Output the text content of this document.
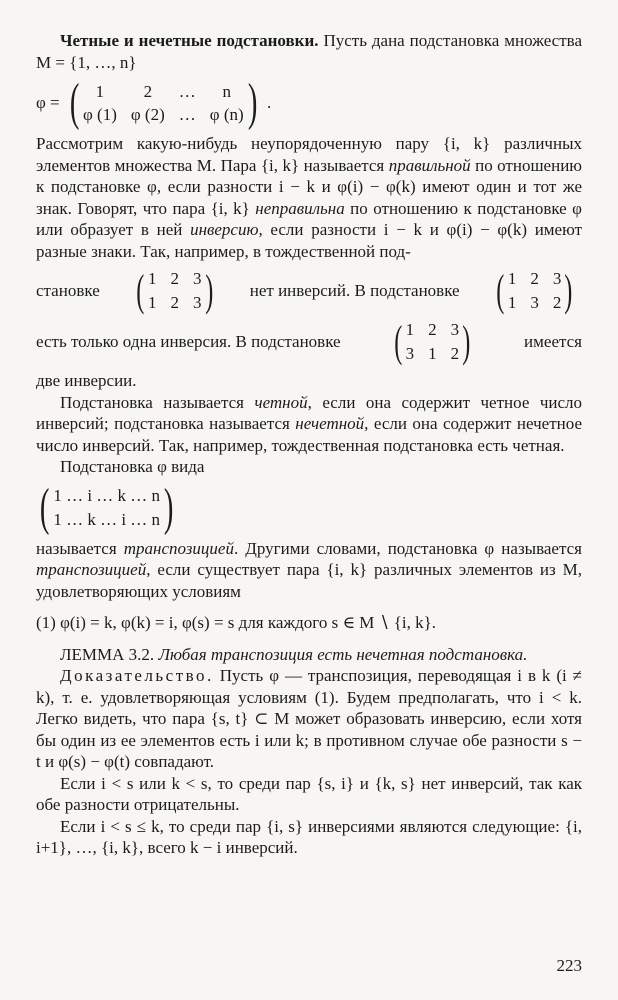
Четные и нечетные подстановки. Пусть дана подстановка множества M = {1, …, n}

φ = ( 1	2	…	n
φ (1) φ (2) … φ (n) ) .

Рассмотрим какую-нибудь неупорядоченную пару {i, k} различных элементов множества M. Пара {i, k} называется правильной по отношению к подстановке φ, если разности i − k и φ(i) − φ(k) имеют один и тот же знак. Говорят, что пара {i, k} неправильна по отношению к подстановке φ или образует в ней инверсию, если разности i − k и φ(i) − φ(k) имеют разные знаки. Так, например, в тождественной под-

становке ( 1 2 3
1 2 3 ) нет инверсий. В подстановке ( 1 2 3
1 3 2 )
есть только одна инверсия. В подстановке ( 1 2 3
3 1 2 )	имеется

две инверсии.

Подстановка называется четной, если она содержит четное число инверсий; подстановка называется нечетной, если она содержит нечетное число инверсий. Так, например, тождественная подстановка есть четная.

Подстановка φ вида

( 1 … i … k … n
1 … k … i … n )

называется транспозицией. Другими словами, подстановка φ называется транспозицией, если существует пара {i, k} различных элементов из M, удовлетворяющих условиям

(1) φ(i) = k, φ(k) = i, φ(s) = s для каждого s ∈ M ∖ {i, k}.

ЛЕММА 3.2. Любая транспозиция есть нечетная подстановка.

Доказательство. Пусть φ — транспозиция, переводящая i в k (i ≠ k), т. е. удовлетворяющая условиям (1). Будем предполагать, что i < k. Легко видеть, что пара {s, t} ⊂ M может образовать инверсию, если хотя бы один из ее элементов есть i или k; в противном случае обе разности s − t и φ(s) − φ(t) совпадают.

Если i < s или k < s, то среди пар {s, i} и {k, s} нет инверсий, так как обе разности отрицательны.

Если i < s ≤ k, то среди пар {i, s} инверсиями являются следующие: {i, i+1}, …, {i, k}, всего k − i инверсий.

223
